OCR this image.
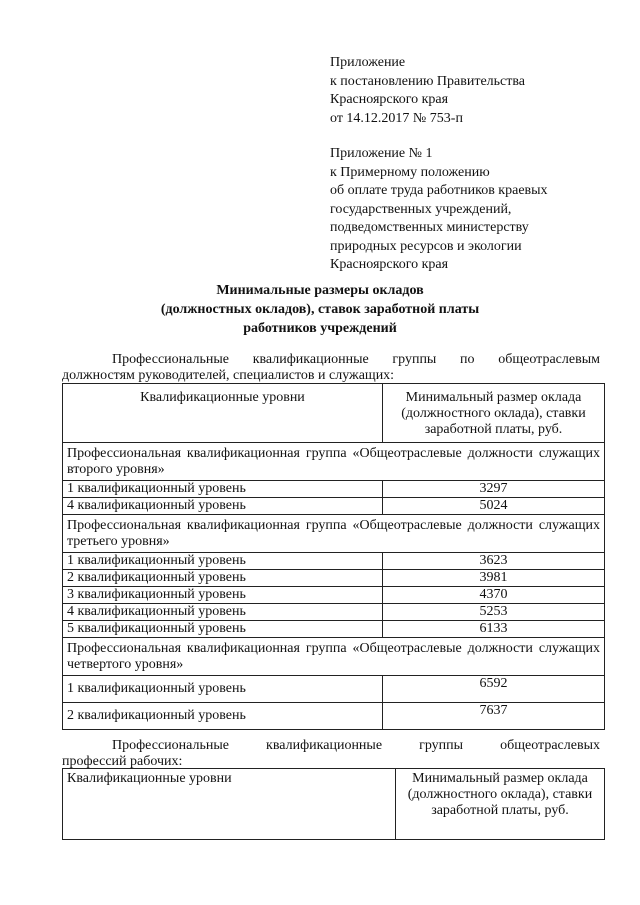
Приложение
к постановлению Правительства
Красноярского края
от 14.12.2017 № 753-п
Приложение № 1
к Примерному положению
об оплате труда работников краевых
государственных учреждений,
подведомственных министерству
природных ресурсов и экологии
Красноярского края
Минимальные размеры окладов
(должностных окладов), ставок заработной платы
работников учреждений
Профессиональные квалификационные группы по общеотраслевым
должностям руководителей, специалистов и служащих:
Квалификационные уровни	Минимальный размер оклада (должностного оклада), ставки заработной платы, руб.
Профессиональная квалификационная группа «Общеотраслевые должности служащих второго уровня»	
1 квалификационный уровень	3297
4 квалификационный уровень	5024
Профессиональная квалификационная группа «Общеотраслевые должности служащих третьего уровня»	
1 квалификационный уровень	3623
2 квалификационный уровень	3981
3 квалификационный уровень	4370
4 квалификационный уровень	5253
5 квалификационный уровень	6133
Профессиональная квалификационная группа «Общеотраслевые должности служащих четвертого уровня»	
1 квалификационный уровень	6592
2 квалификационный уровень	7637
Профессиональные	квалификационные	группы	общеотраслевых
профессий рабочих:
Квалификационные уровни	Минимальный размер оклада (должностного оклада), ставки заработной платы, руб.
